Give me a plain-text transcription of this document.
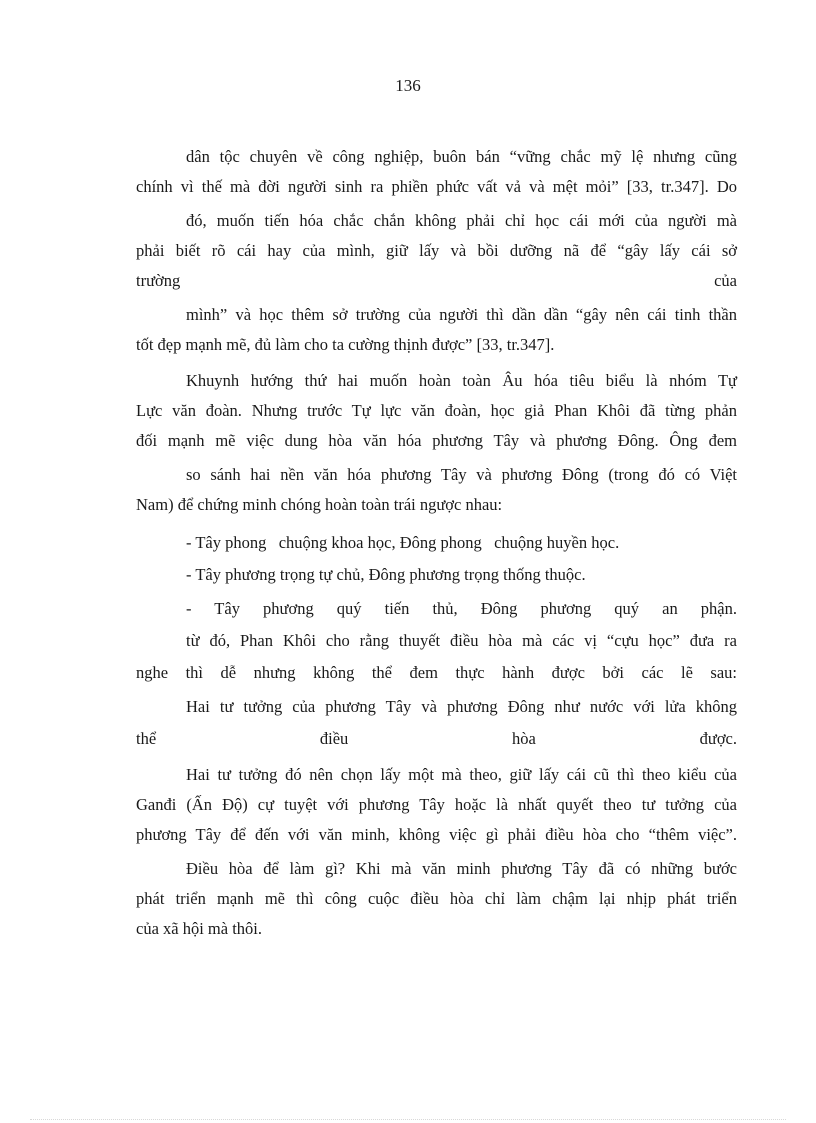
136
dân tộc chuyên về công nghiệp, buôn bán “vững chắc mỹ lệ nhưng cũng
chính vì thế mà đời người sinh ra phiền phức vất vả và mệt mỏi” [33, tr.347]. Do
đó, muốn tiến hóa chắc chắn không phải chỉ học cái mới của người mà
phải biết rõ cái hay của mình, giữ lấy và bồi dưỡng nã để “gây lấy cái sở
trường	của
mình” và học thêm sở trường của người thì dần dần “gây nên cái tinh thần
tốt đẹp mạnh mẽ, đủ làm cho ta cường thịnh được” [33, tr.347].
Khuynh hướng thứ hai muốn hoàn toàn Âu hóa tiêu biểu là nhóm Tự
Lực văn đoàn. Nhưng trước Tự lực văn đoàn, học giả Phan Khôi đã từng phản
đối mạnh mẽ việc dung hòa văn hóa phương Tây và phương Đông. Ông đem
so sánh hai nền văn hóa phương Tây và phương Đông (trong đó có Việt
Nam) để chứng minh chóng hoàn toàn trái ngược nhau:
- Tây phong   chuộng khoa học, Đông phong   chuộng huyền học.
- Tây phương trọng tự chủ, Đông phương trọng thống thuộc.
- Tây phương quý tiến thủ, Đông phương quý an phận.
từ đó, Phan Khôi cho rằng thuyết điều hòa mà các vị “cựu học” đưa ra
nghe thì dễ nhưng không thể đem thực hành được bởi các lẽ sau:
Hai tư tưởng của phương Tây và phương Đông như nước với lửa không
thể điều hòa được.
Hai tư tưởng đó nên chọn lấy một mà theo, giữ lấy cái cũ thì theo kiểu của
Ganđi (Ấn Độ) cự tuyệt với phương Tây hoặc là nhất quyết theo tư tưởng của
phương Tây để đến với văn minh, không việc gì phải điều hòa cho “thêm việc”.
Điều hòa để làm gì? Khi mà văn minh phương Tây đã có những bước
phát triển mạnh mẽ thì công cuộc điều hòa chỉ làm chậm lại nhịp phát triển
của xã hội mà thôi.
